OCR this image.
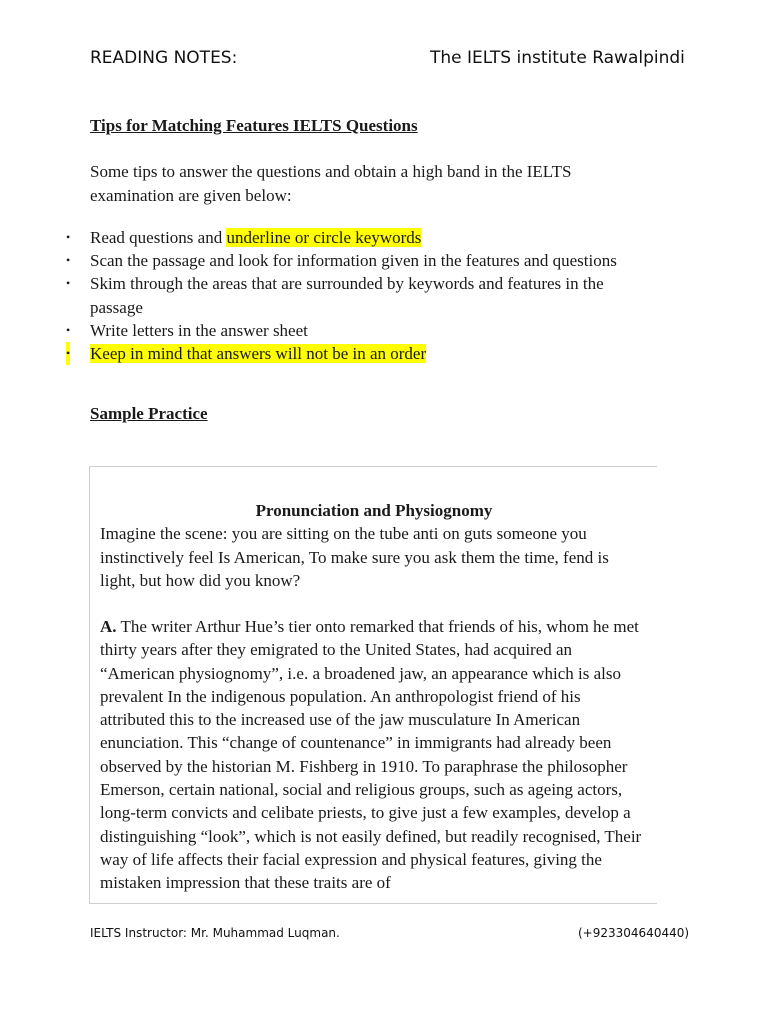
READING NOTES:	The IELTS institute Rawalpindi
Tips for Matching Features IELTS Questions
Some tips to answer the questions and obtain a high band in the IELTS examination are given below:
• Read questions and underline or circle keywords
• Scan the passage and look for information given in the features and questions
• Skim through the areas that are surrounded by keywords and features in the passage
• Write letters in the answer sheet
• Keep in mind that answers will not be in an order
Sample Practice
Pronunciation and Physiognomy
Imagine the scene: you are sitting on the tube anti on guts someone you instinctively feel Is American, To make sure you ask them the time, fend is light, but how did you know?
A. The writer Arthur Hue’s tier onto remarked that friends of his, whom he met thirty years after they emigrated to the United States, had acquired an “American physiognomy”, i.e. a broadened jaw, an appearance which is also prevalent In the indigenous population. An anthropologist friend of his attributed this to the increased use of the jaw musculature In American enunciation. This “change of countenance” in immigrants had already been observed by the historian M. Fishberg in 1910. To paraphrase the philosopher Emerson, certain national, social and religious groups, such as ageing actors, long-term convicts and celibate priests, to give just a few examples, develop a distinguishing “look”, which is not easily defined, but readily recognised, Their way of life affects their facial expression and physical features, giving the mistaken impression that these traits are of
IELTS Instructor: Mr. Muhammad Luqman.	(+923304640440)
